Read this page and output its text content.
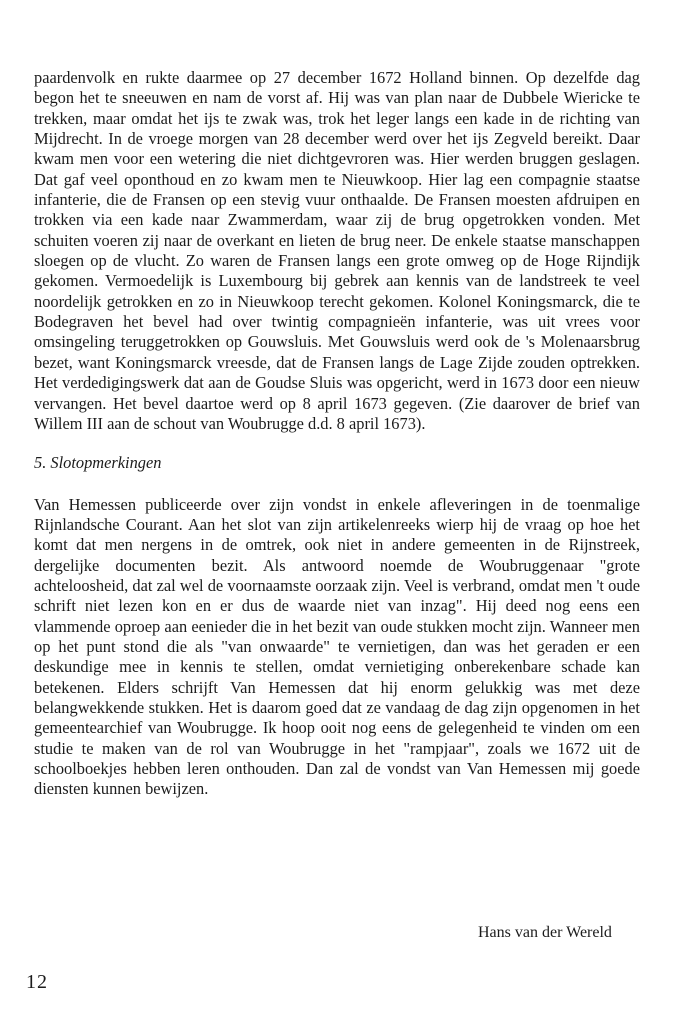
paardenvolk en rukte daarmee op 27 december 1672 Holland binnen. Op dezelfde dag begon het te sneeuwen en nam de vorst af. Hij was van plan naar de Dubbele Wiericke te trekken, maar omdat het ijs te zwak was, trok het leger langs een kade in de richting van Mijdrecht. In de vroege morgen van 28 december werd over het ijs Zegveld bereikt. Daar kwam men voor een wetering die niet dichtgevroren was. Hier werden bruggen geslagen. Dat gaf veel oponthoud en zo kwam men te Nieuwkoop. Hier lag een compagnie staatse infanterie, die de Fransen op een stevig vuur onthaalde. De Fransen moesten afdruipen en trokken via een kade naar Zwammerdam, waar zij de brug opgetrokken vonden. Met schuiten voeren zij naar de overkant en lieten de brug neer. De enkele staatse manschappen sloegen op de vlucht. Zo waren de Fransen langs een grote omweg op de Hoge Rijndijk gekomen. Vermoedelijk is Luxembourg bij gebrek aan kennis van de landstreek te veel noordelijk getrokken en zo in Nieuwkoop terecht gekomen. Kolonel Koningsmarck, die te Bodegraven het bevel had over twintig compagnieën infanterie, was uit vrees voor omsingeling teruggetrokken op Gouwsluis. Met Gouwsluis werd ook de 's Molenaarsbrug bezet, want Koningsmarck vreesde, dat de Fransen langs de Lage Zijde zouden optrekken. Het verdedigingswerk dat aan de Goudse Sluis was opgericht, werd in 1673 door een nieuw vervangen. Het bevel daartoe werd op 8 april 1673 gegeven. (Zie daarover de brief van Willem III aan de schout van Woubrugge d.d. 8 april 1673).

5. Slotopmerkingen

Van Hemessen publiceerde over zijn vondst in enkele afleveringen in de toenmalige Rijnlandsche Courant. Aan het slot van zijn artikelenreeks wierp hij de vraag op hoe het komt dat men nergens in de omtrek, ook niet in andere gemeenten in de Rijnstreek, dergelijke documenten bezit. Als antwoord noemde de Woubruggenaar "grote achteloosheid, dat zal wel de voornaamste oorzaak zijn. Veel is verbrand, omdat men 't oude schrift niet lezen kon en er dus de waarde niet van inzag". Hij deed nog eens een vlammende oproep aan eenieder die in het bezit van oude stukken mocht zijn. Wanneer men op het punt stond die als "van onwaarde" te vernietigen, dan was het geraden er een deskundige mee in kennis te stellen, omdat vernietiging onberekenbare schade kan betekenen. Elders schrijft Van Hemessen dat hij enorm gelukkig was met deze belangwekkende stukken. Het is daarom goed dat ze vandaag de dag zijn opgenomen in het gemeentearchief van Woubrugge. Ik hoop ooit nog eens de gelegenheid te vinden om een studie te maken van de rol van Woubrugge in het "rampjaar", zoals we 1672 uit de schoolboekjes hebben leren onthouden. Dan zal de vondst van Van Hemessen mij goede diensten kunnen bewijzen.

Hans van der Wereld
12
